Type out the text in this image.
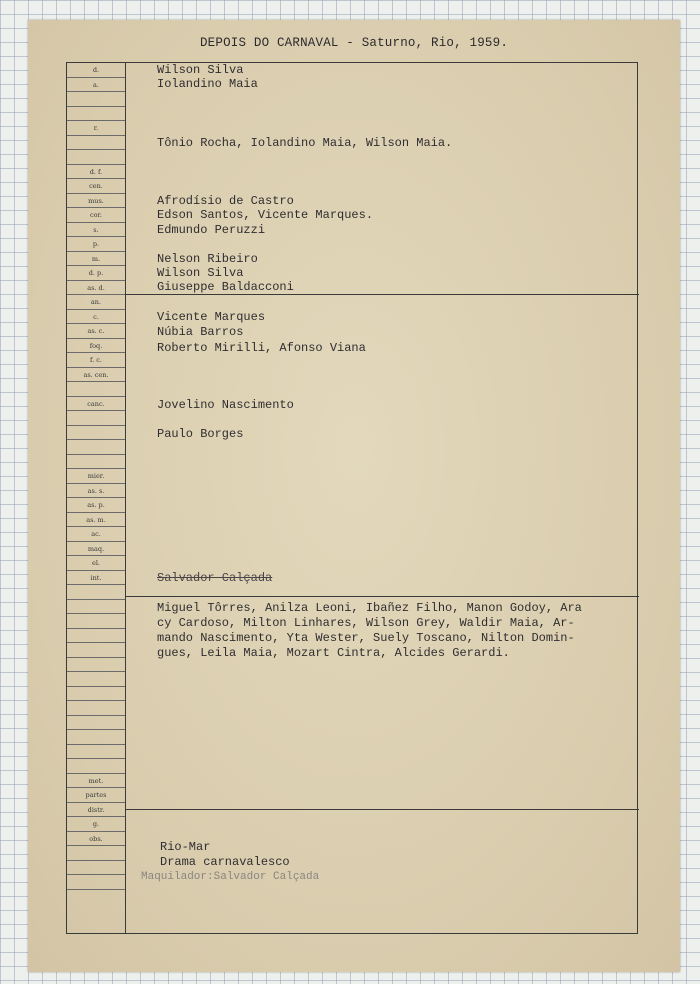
DEPOIS DO CARNAVAL - Saturno, Rio, 1959.
d.
a.
r.
d. f.
cen.
mus.
cor.
s.
p.
m.
d. p.
as. d.
an.
c.
as. c.
foq.
f. c.
as. cen.
canc.
mier.
as. s.
as. p.
as. m.
ac.
maq.
el.
int.
met.
partes
distr.
g.
obs.
Wilson Silva
Iolandino Maia
Tônio Rocha, Iolandino Maia, Wilson Maia.
Afrodísio de Castro
Edson Santos, Vicente Marques.
Edmundo Peruzzi
Nelson Ribeiro
Wilson Silva
Giuseppe Baldacconi
Vicente Marques
Núbia Barros
Roberto Mirilli, Afonso Viana
Jovelino Nascimento
Paulo Borges
Salvador Calçada
Miguel Tôrres, Anilza Leoni, Ibañez Filho, Manon Godoy, Ara
cy Cardoso, Milton Linhares, Wilson Grey, Waldir Maia, Ar-
mando Nascimento, Yta Wester, Suely Toscano, Nilton Domin-
gues, Leila Maia, Mozart Cintra, Alcides Gerardi.
Rio-Mar
Drama carnavalesco
Maquilador:Salvador Calçada
